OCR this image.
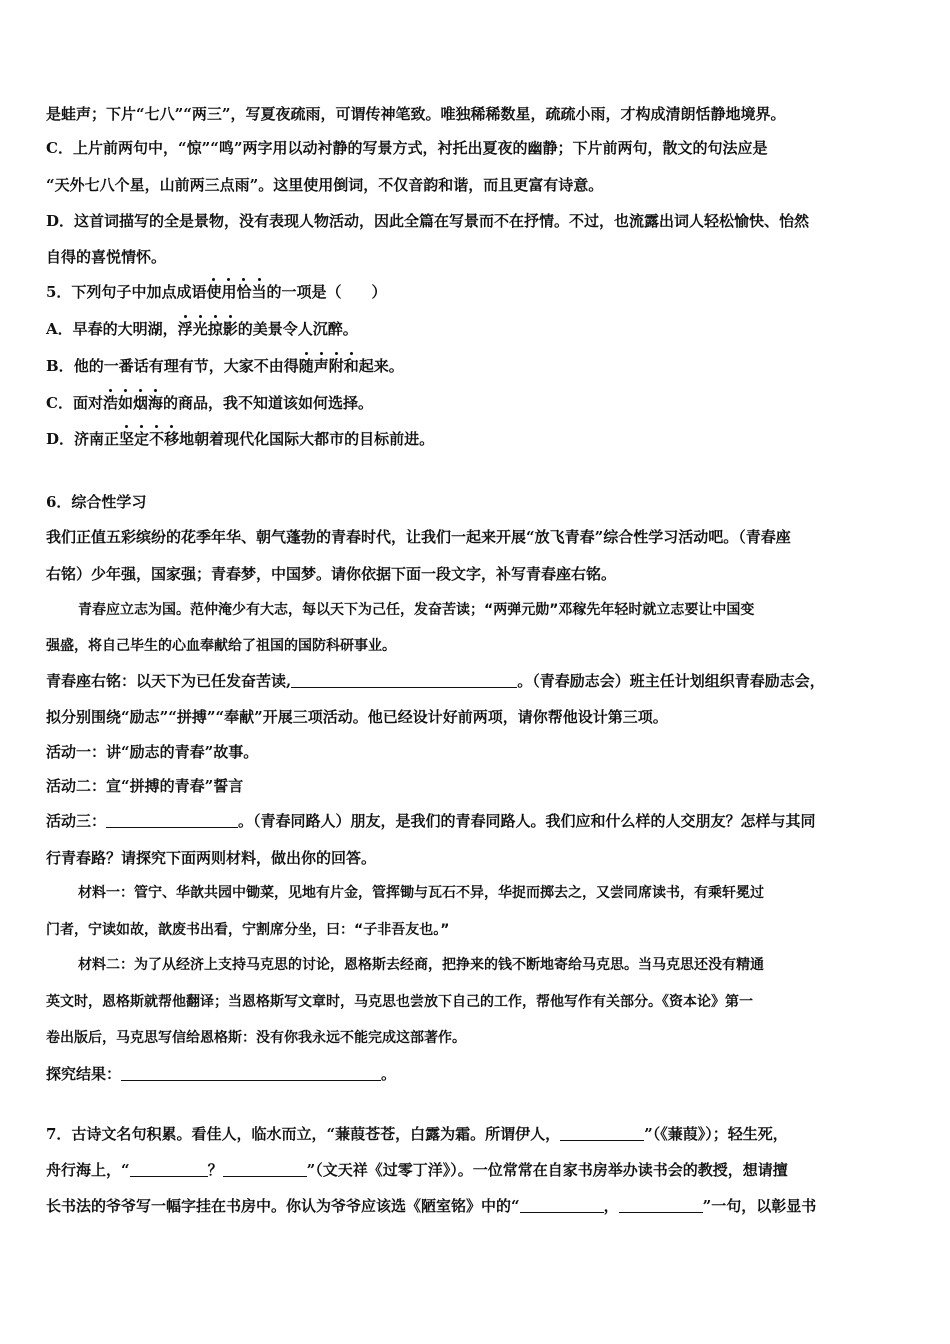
是蛙声；下片“七八”“两三”，写夏夜疏雨，可谓传神笔致。唯独稀稀数星，疏疏小雨，才构成清朗恬静地境界。
C．上片前两句中，“惊”“鸣”两字用以动衬静的写景方式，衬托出夏夜的幽静；下片前两句，散文的句法应是
“天外七八个星，山前两三点雨”。这里使用倒词，不仅音韵和谐，而且更富有诗意。
D．这首词描写的全是景物，没有表现人物活动，因此全篇在写景而不在抒情。不过，也流露出词人轻松愉快、怡然
自得的喜悦情怀。
5．下列句子中加点成语使用恰当的一项是（　　）
A．早春的大明湖，浮光掠影的美景令人沉醉。
B．他的一番话有理有节，大家不由得随声附和起来。
C．面对浩如烟海的商品，我不知道该如何选择。
D．济南正坚定不移地朝着现代化国际大都市的目标前进。
6．综合性学习
我们正值五彩缤纷的花季年华、朝气蓬勃的青春时代，让我们一起来开展“放飞青春”综合性学习活动吧。（青春座
右铭）少年强，国家强；青春梦，中国梦。请你依据下面一段文字，补写青春座右铭。
青春应立志为国。范仲淹少有大志，每以天下为己任，发奋苦读；“两弹元勋”邓稼先年轻时就立志要让中国变
强盛，将自己毕生的心血奉献给了祖国的国防科研事业。
青春座右铭：以天下为已任发奋苦读,	。（青春励志会）班主任计划组织青春励志会，
拟分别围绕“励志”“拼搏”“奉献”开展三项活动。他已经设计好前两项，请你帮他设计第三项。
活动一：讲“励志的青春”故事。
活动二：宣“拼搏的青春”誓言
活动三：	。（青春同路人）朋友，是我们的青春同路人。我们应和什么样的人交朋友？怎样与其同
行青春路？请探究下面两则材料，做出你的回答。
材料一：管宁、华歆共园中锄菜，见地有片金，管挥锄与瓦石不异，华捉而掷去之，又尝同席读书，有乘轩冕过
门者，宁读如故，歆废书出看，宁割席分坐，曰：“子非吾友也。”
材料二：为了从经济上支持马克思的讨论，恩格斯去经商，把挣来的钱不断地寄给马克思。当马克思还没有精通
英文时，恩格斯就帮他翻译；当恩格斯写文章时，马克思也尝放下自己的工作，帮他写作有关部分。《资本论》第一
卷出版后，马克思写信给恩格斯：没有你我永远不能完成这部著作。
探究结果：	。
7．古诗文名句积累。看佳人，临水而立，“蒹葭苍苍，白露为霜。所谓伊人，	”（《蒹葭》）；轻生死，
舟行海上，“	？	”（文天祥《过零丁洋》）。一位常常在自家书房举办读书会的教授，想请擅
长书法的爷爷写一幅字挂在书房中。你认为爷爷应该选《陋室铭》中的“	，	”一句，以彰显书
